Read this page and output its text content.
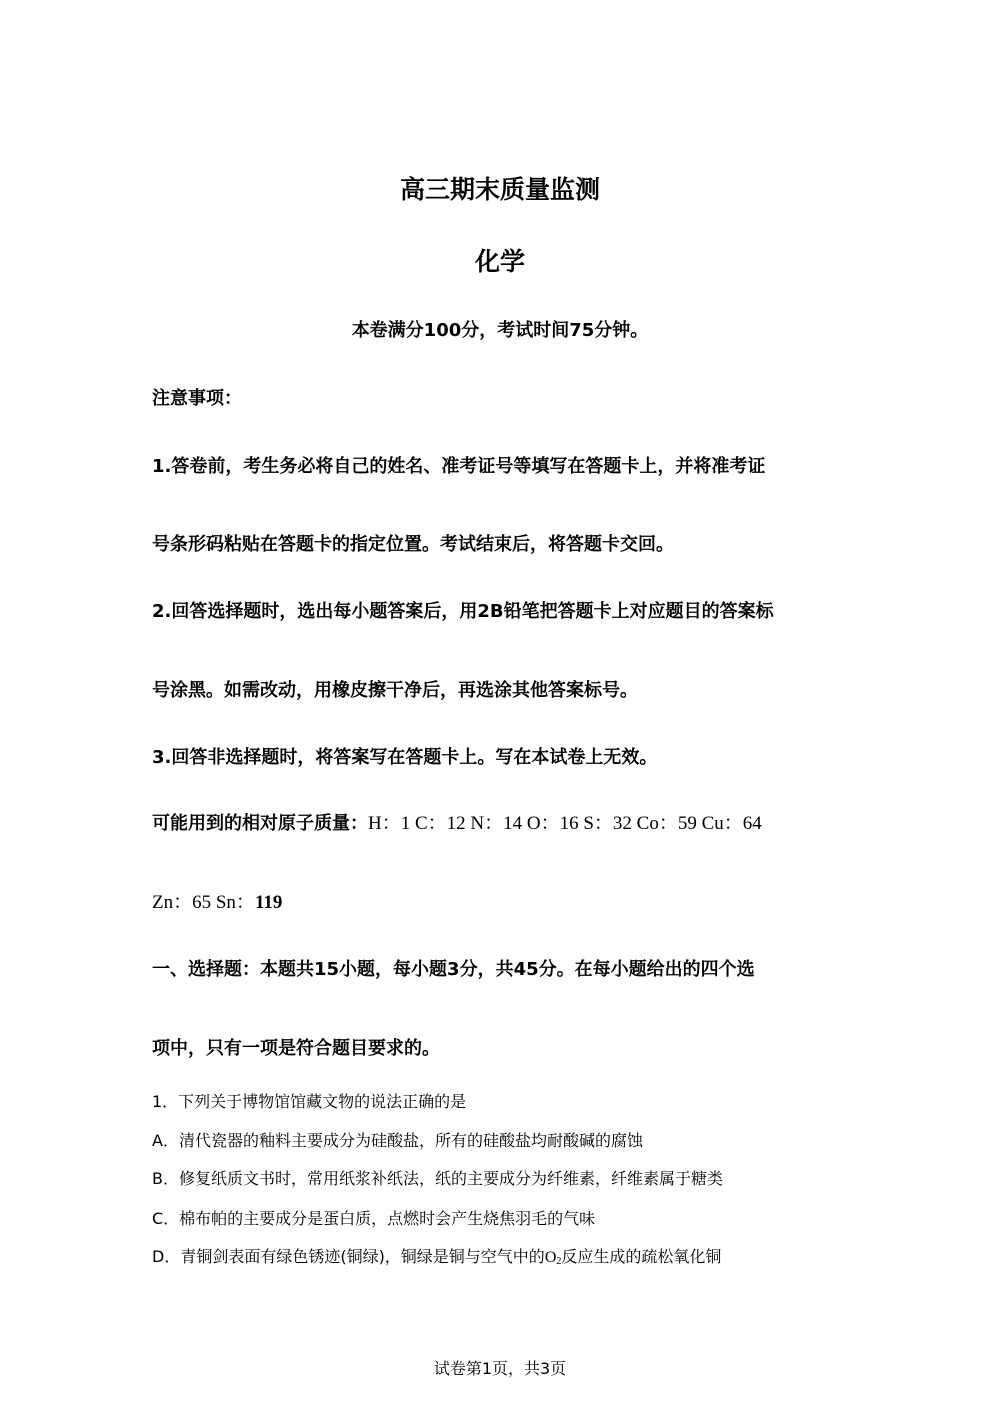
高三期末质量监测
化学
本卷满分100分，考试时间75分钟。
注意事项：
1.答卷前，考生务必将自己的姓名、准考证号等填写在答题卡上，并将准考证
号条形码粘贴在答题卡的指定位置。考试结束后，将答题卡交回。
2.回答选择题时，选出每小题答案后，用2B铅笔把答题卡上对应题目的答案标
号涂黑。如需改动，用橡皮擦干净后，再选涂其他答案标号。
3.回答非选择题时，将答案写在答题卡上。写在本试卷上无效。
可能用到的相对原子质量：H：1 C：12 N：14 O：16 S：32 Co：59 Cu：64
Zn：65 Sn：119
一、选择题：本题共15小题，每小题3分，共45分。在每小题给出的四个选
项中，只有一项是符合题目要求的。
1．下列关于博物馆馆藏文物的说法正确的是
A．清代瓷器的釉料主要成分为硅酸盐，所有的硅酸盐均耐酸碱的腐蚀
B．修复纸质文书时，常用纸浆补纸法，纸的主要成分为纤维素，纤维素属于糖类
C．棉布帕的主要成分是蛋白质，点燃时会产生烧焦羽毛的气味
D．青铜剑表面有绿色锈迹(铜绿)，铜绿是铜与空气中的$O_2$反应生成的疏松氧化铜
试卷第1页，共3页
